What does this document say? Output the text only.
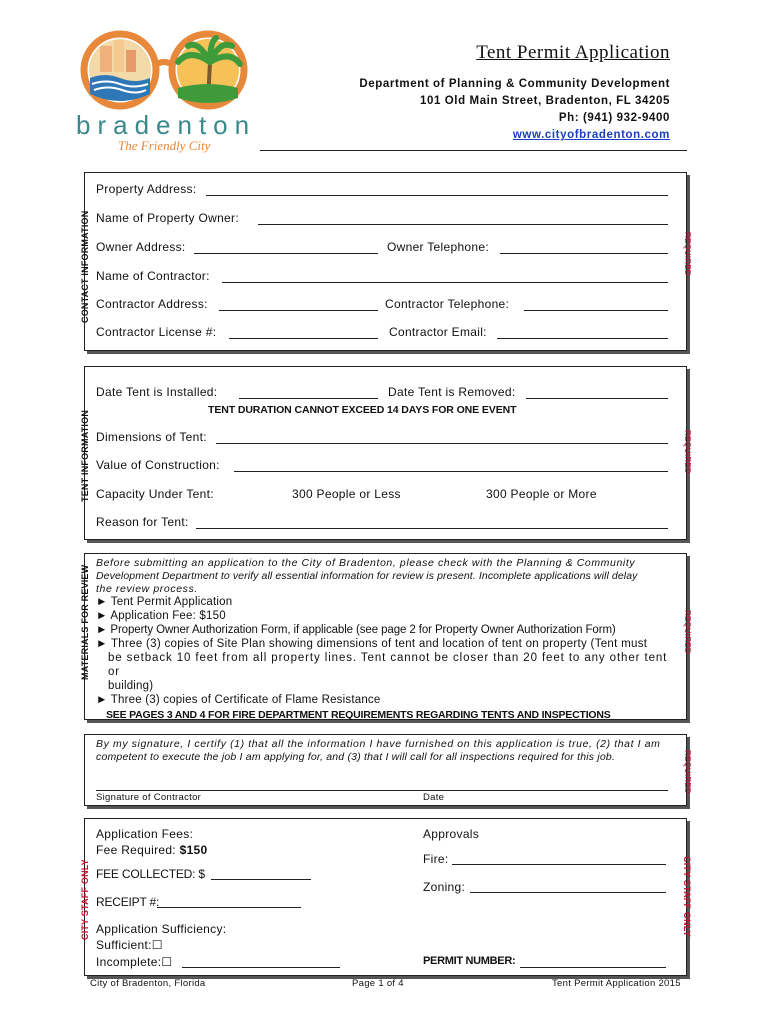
bradenton
The Friendly City
Tent Permit Application
Department of Planning & Community Development
101 Old Main Street, Bradenton, FL 34205
Ph: (941) 932-9400
www.cityofbradenton.com
CONTACT INFORMATION	REQUIRED
Property Address:
Name of Property Owner:
Owner Address:	Owner Telephone:
Name of Contractor:
Contractor Address:	Contractor Telephone:
Contractor License #:	Contractor Email:
TENT INFORMATION	REQUIRED
Date Tent is Installed:	Date Tent is Removed:
TENT DURATION CANNOT EXCEED 14 DAYS FOR ONE EVENT
Dimensions of Tent:
Value of Construction:
Capacity Under Tent:	300 People or Less	300 People or More
Reason for Tent:
MATERIALS FOR REVIEW	REQUIRED
Before submitting an application to the City of Bradenton, please check with the Planning & Community
Development Department to verify all essential information for review is present. Incomplete applications will delay
the review process.
► Tent Permit Application
► Application Fee: $150
► Property Owner Authorization Form, if applicable (see page 2 for Property Owner Authorization Form)
► Three (3) copies of Site Plan showing dimensions of tent and location of tent on property (Tent must
be setback 10 feet from all property lines. Tent cannot be closer than 20 feet to any other tent or
building)
► Three (3) copies of Certificate of Flame Resistance
SEE PAGES 3 AND 4 FOR FIRE DEPARTMENT REQUIREMENTS REGARDING TENTS AND INSPECTIONS
REQUIRED
By my signature, I certify (1) that all the information I have furnished on this application is true, (2) that I am
competent to execute the job I am applying for, and (3) that I will call for all inspections required for this job.
Signature of Contractor	Date
CITY STAFF ONLY	CITY STAFF ONLY
Application Fees:
Fee Required: $150
FEE COLLECTED: $
RECEIPT #:
Application Sufficiency:
Sufficient:☐
Incomplete:☐
Approvals
Fire:
Zoning:
PERMIT NUMBER:
City of Bradenton, Florida	Page 1 of 4	Tent Permit Application 2015
